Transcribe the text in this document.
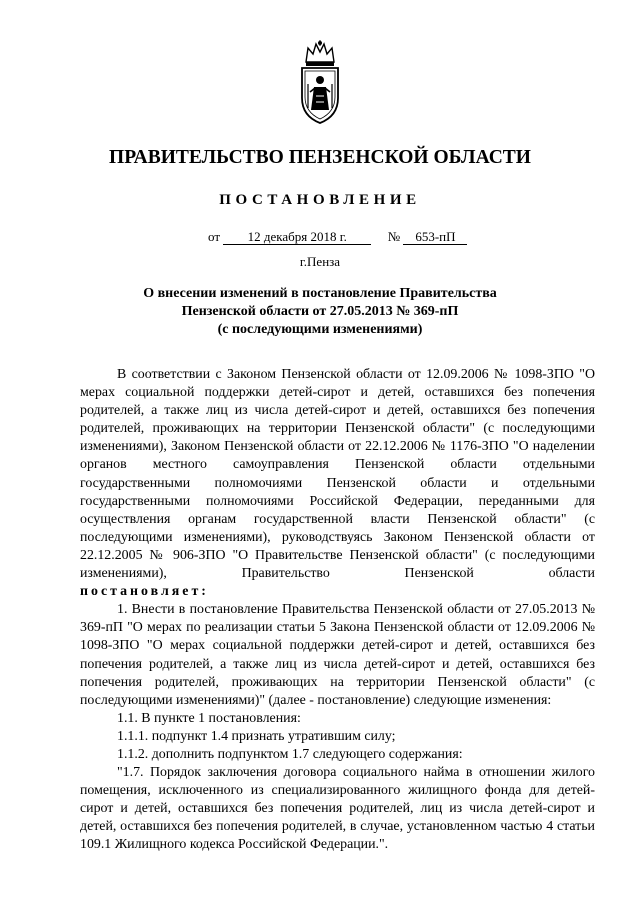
ПРАВИТЕЛЬСТВО ПЕНЗЕНСКОЙ ОБЛАСТИ
ПОСТАНОВЛЕНИЕ
от 12 декабря 2018 г.	№ 653-пП
г.Пенза
О внесении изменений в постановление Правительства
Пензенской области от 27.05.2013 № 369-пП
(с последующими изменениями)

В соответствии с Законом Пензенской области от 12.09.2006 № 1098-ЗПО "О мерах социальной поддержки детей-сирот и детей, оставшихся без попечения родителей, а также лиц из числа детей-сирот и детей, оставшихся без попечения родителей, проживающих на территории Пензенской области" (с последующими изменениями), Законом Пензенской области от 22.12.2006 № 1176-ЗПО "О наделении органов местного самоуправления Пензенской области отдельными государственными полномочиями Пензенской области и отдельными государственными полномочиями Российской Федерации, переданными для осуществления органам государственной власти Пензенской области" (с последующими изменениями), руководствуясь Законом Пензенской области от 22.12.2005 № 906-ЗПО "О Правительстве Пензенской области" (с последующими изменениями), Правительство Пензенской области

постановляет:

1. Внести в постановление Правительства Пензенской области от 27.05.2013 № 369-пП "О мерах по реализации статьи 5 Закона Пензенской области от 12.09.2006 № 1098-ЗПО "О мерах социальной поддержки детей-сирот и детей, оставшихся без попечения родителей, а также лиц из числа детей-сирот и детей, оставшихся без попечения родителей, проживающих на территории Пензенской области" (с последующими изменениями)" (далее - постановление) следующие изменения:

1.1. В пункте 1 постановления:

1.1.1. подпункт 1.4 признать утратившим силу;

1.1.2. дополнить подпунктом 1.7 следующего содержания:

"1.7. Порядок заключения договора социального найма в отношении жилого помещения, исключенного из специализированного жилищного фонда для детей-сирот и детей, оставшихся без попечения родителей, лиц из числа детей-сирот и детей, оставшихся без попечения родителей, в случае, установленном частью 4 статьи 109.1 Жилищного кодекса Российской Федерации.".
